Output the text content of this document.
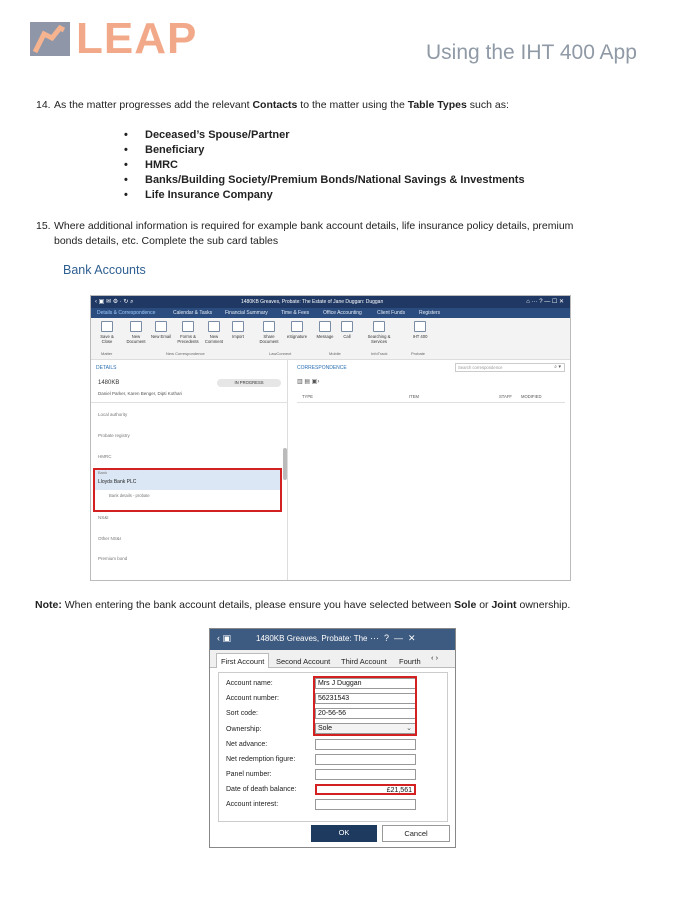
LEAP	Using the IHT 400 App
14. As the matter progresses add the relevant Contacts to the matter using the Table Types such as:
• Deceased’s Spouse/Partner
• Beneficiary
• HMRC
• Banks/Building Society/Premium Bonds/National Savings & Investments
• Life Insurance Company
15. Where additional information is required for example bank account details, life insurance policy details, premium
bonds details, etc. Complete the sub card tables
Bank Accounts
‹ ▣ ✉ ⚙ · ↻ ⌕	1480KB Greaves, Probate: The Estate of Jane Duggan: Duggan	⌂ ··· ? — ☐ ✕
Details & Correspondence	Calendar & Tasks	Financial Summary	Time & Fees	Office Accounting	Client Funds	Registers
Save & Close
New Document
New Email	Forms & Precedents
New Comment
Import	Share Document
eSignature	Message	Call	Searching & Services
IHT 400
Matter	New Correspondence	LawConnect	Mobile	InfoTrack	Probate
DETAILS
1480KB	IN PROGRESS
Daniel Parker, Karen Benger, Dipti Kothari
Local authority
Probate registry
HMRC
Bank
Lloyds Bank PLC
Bank details - probate
NS&I
Other NS&I
Premium bond
CORRESPONDENCE	Search correspondence	⌕ ▾
▥ ▤ ▣›
TYPE	ITEM	STAFF MODIFIED
Note: When entering the bank account details, please ensure you have selected between Sole or Joint ownership.
‹ ▣	1480KB Greaves, Probate: The ···  ?  —  ✕
First Account	Second Account Third Account Fourth ‹ ›
Account name:	Mrs J Duggan
Account number:	56231543
Sort code:	20-56-56
Ownership:	Sole	⌄
Net advance:
Net redemption figure:
Panel number:
Date of death balance:	£21,561
Account interest:
OK	Cancel
